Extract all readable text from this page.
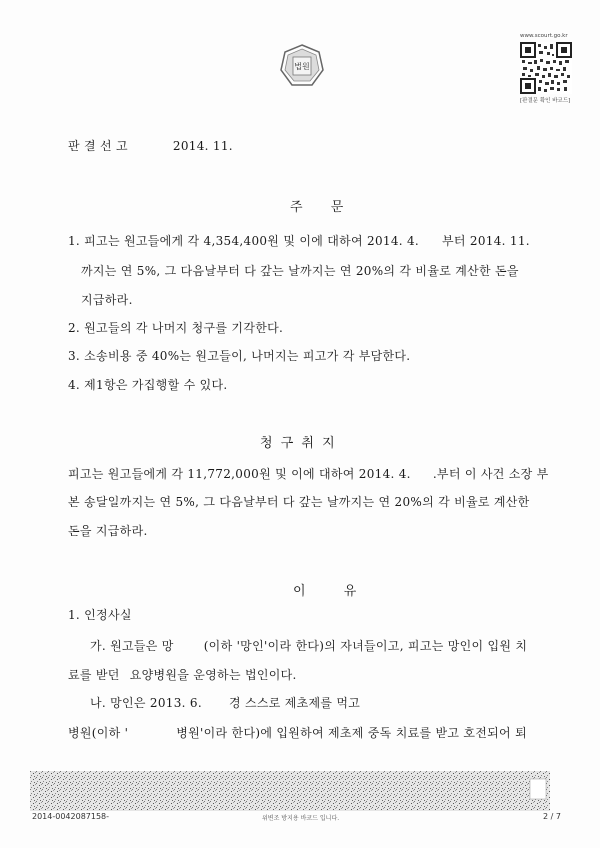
법원
www.scourt.go.kr
[판결문 확인 바코드]
판 결 선 고	2014. 11.
주 문
1. 피고는 원고들에게 각 4,354,400원 및 이에 대하여 2014. 4. 부터 2014. 11.
까지는 연 5%, 그 다음날부터 다 갚는 날까지는 연 20%의 각 비율로 계산한 돈을
지급하라.
2. 원고들의 각 나머지 청구를 기각한다.
3. 소송비용 중 40%는 원고들이, 나머지는 피고가 각 부담한다.
4. 제1항은 가집행할 수 있다.
청 구 취 지
피고는 원고들에게 각 11,772,000원 및 이에 대하여 2014. 4. .부터 이 사건 소장 부
본 송달일까지는 연 5%, 그 다음날부터 다 갚는 날까지는 연 20%의 각 비율로 계산한
돈을 지급하라.
이 유
1. 인정사실
가. 원고들은 망	(이하 '망인'이라 한다)의 자녀들이고, 피고는 망인이 입원 치
료를 받던 요양병원을 운영하는 법인이다.
나. 망인은 2013. 6. 경 스스로 제초제를 먹고
병원(이하 '	병원'이라 한다)에 입원하여 제초제 중독 치료를 받고 호전되어 퇴
2014-0042087158-	위변조 방지용 바코드 입니다.	2 / 7
